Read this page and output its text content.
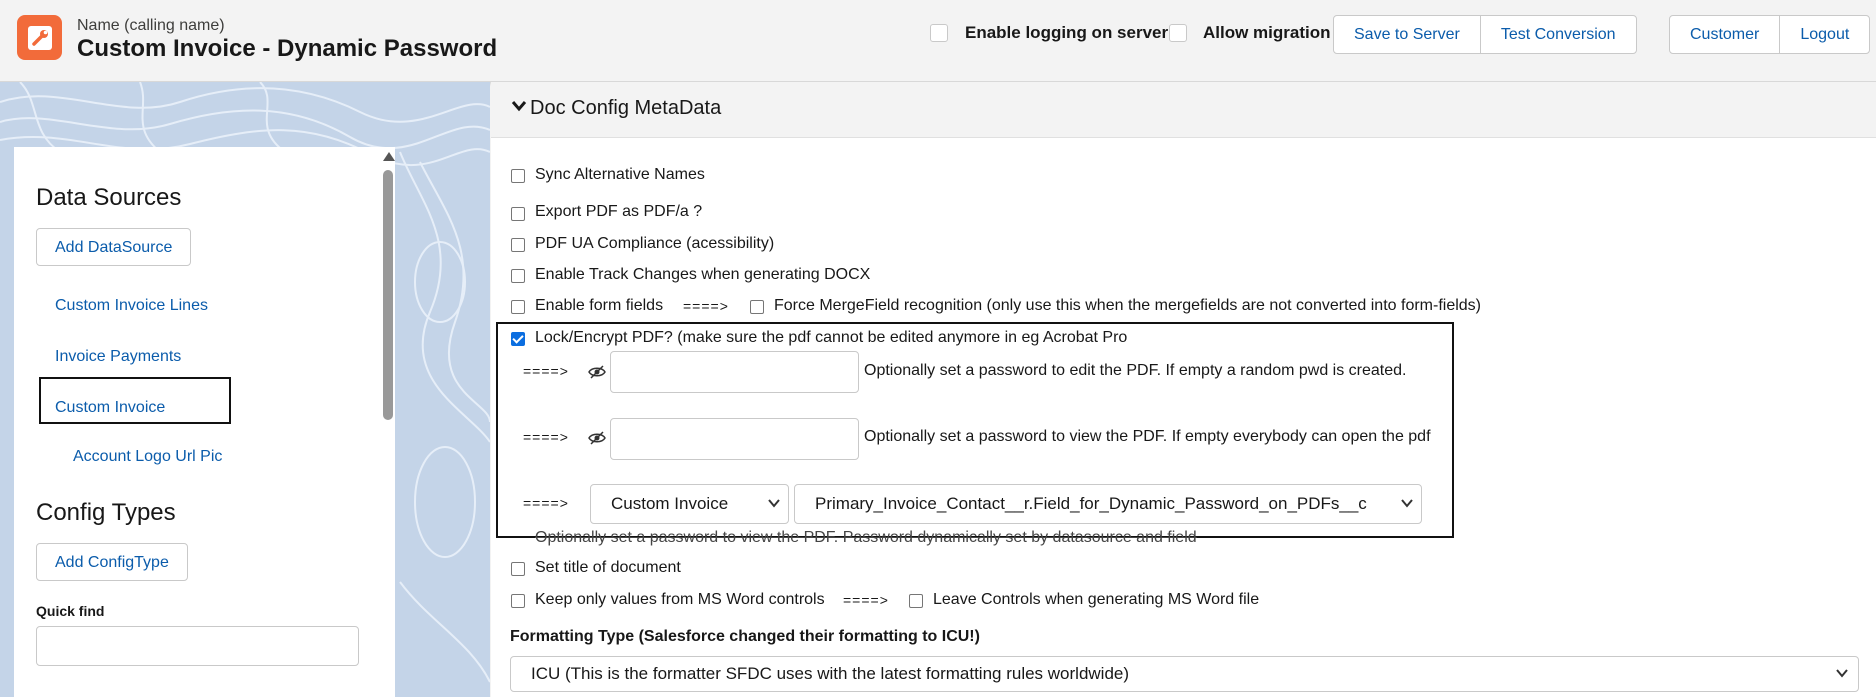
Name (calling name)
Custom Invoice - Dynamic Password
Enable logging on server Allow migration	Save to Server	Test Conversion	Customer	Logout
Data Sources
Add DataSource
Custom Invoice Lines
Invoice Payments
Custom Invoice
Account Logo Url Pic
Config Types
Add ConfigType
Quick find
Doc Config MetaData
Sync Alternative Names
Export PDF as PDF/a ?
PDF UA Compliance (acessibility)
Enable Track Changes when generating DOCX
Enable form fields ====>	Force MergeField recognition (only use this when the mergefields are not converted into form-fields)
Lock/Encrypt PDF? (make sure the pdf cannot be edited anymore in eg Acrobat Pro
====>	Optionally set a password to edit the PDF. If empty a random pwd is created.
====>	Optionally set a password to view the PDF. If empty everybody can open the pdf
====>	Custom Invoice	Primary_Invoice_Contact__r.Field_for_Dynamic_Password_on_PDFs__c
Optionally set a password to view the PDF. Password dynamically set by datasource and field
Set title of document
Keep only values from MS Word controls ====>	Leave Controls when generating MS Word file
Formatting Type (Salesforce changed their formatting to ICU!)
ICU (This is the formatter SFDC uses with the latest formatting rules worldwide)
